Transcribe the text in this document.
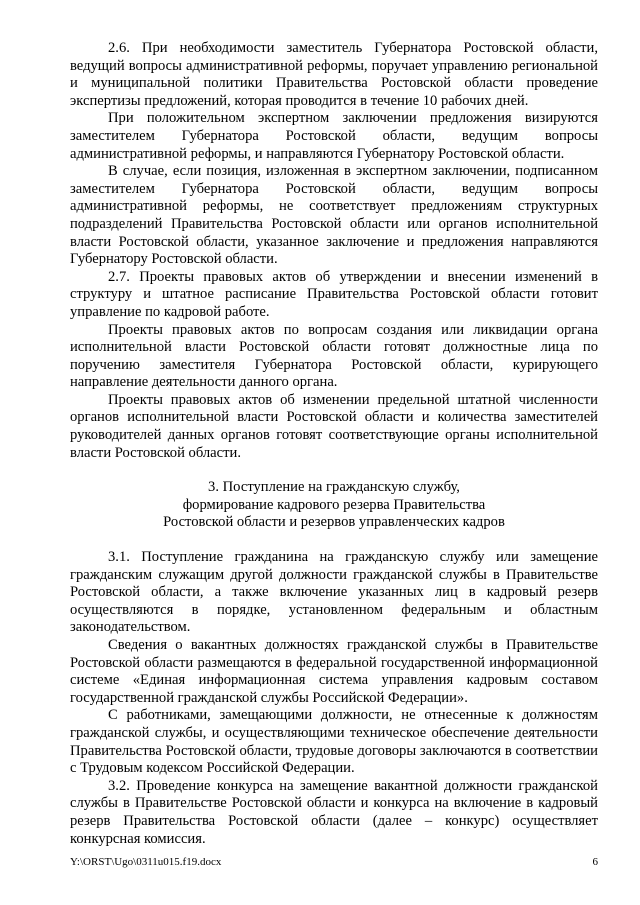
2.6. При необходимости заместитель Губернатора Ростовской области, ведущий вопросы административной реформы, поручает управлению региональной и муниципальной политики Правительства Ростовской области проведение экспертизы предложений, которая проводится в течение 10 рабочих дней.

При положительном экспертном заключении предложения визируются заместителем Губернатора Ростовской области, ведущим вопросы административной реформы, и направляются Губернатору Ростовской области.

В случае, если позиция, изложенная в экспертном заключении, подписанном заместителем Губернатора Ростовской области, ведущим вопросы административной реформы, не соответствует предложениям структурных подразделений Правительства Ростовской области или органов исполнительной власти Ростовской области, указанное заключение и предложения направляются Губернатору Ростовской области.

2.7. Проекты правовых актов об утверждении и внесении изменений в структуру и штатное расписание Правительства Ростовской области готовит управление по кадровой работе.

Проекты правовых актов по вопросам создания или ликвидации органа исполнительной власти Ростовской области готовят должностные лица по поручению заместителя Губернатора Ростовской области, курирующего направление деятельности данного органа.

Проекты правовых актов об изменении предельной штатной численности органов исполнительной власти Ростовской области и количества заместителей руководителей данных органов готовят соответствующие органы исполнительной власти Ростовской области.

3. Поступление на гражданскую службу,
формирование кадрового резерва Правительства
Ростовской области и резервов управленческих кадров

3.1. Поступление гражданина на гражданскую службу или замещение гражданским служащим другой должности гражданской службы в Правительстве Ростовской области, а также включение указанных лиц в кадровый резерв осуществляются в порядке, установленном федеральным и областным законодательством.

Сведения о вакантных должностях гражданской службы в Правительстве Ростовской области размещаются в федеральной государственной информационной системе «Единая информационная система управления кадровым составом государственной гражданской службы Российской Федерации».

С работниками, замещающими должности, не отнесенные к должностям гражданской службы, и осуществляющими техническое обеспечение деятельности Правительства Ростовской области, трудовые договоры заключаются в соответствии с Трудовым кодексом Российской Федерации.

3.2. Проведение конкурса на замещение вакантной должности гражданской службы в Правительстве Ростовской области и конкурса на включение в кадровый резерв Правительства Ростовской области (далее – конкурс) осуществляет конкурсная комиссия.

Y:\ORST\Ugo\0311u015.f19.docx	6
